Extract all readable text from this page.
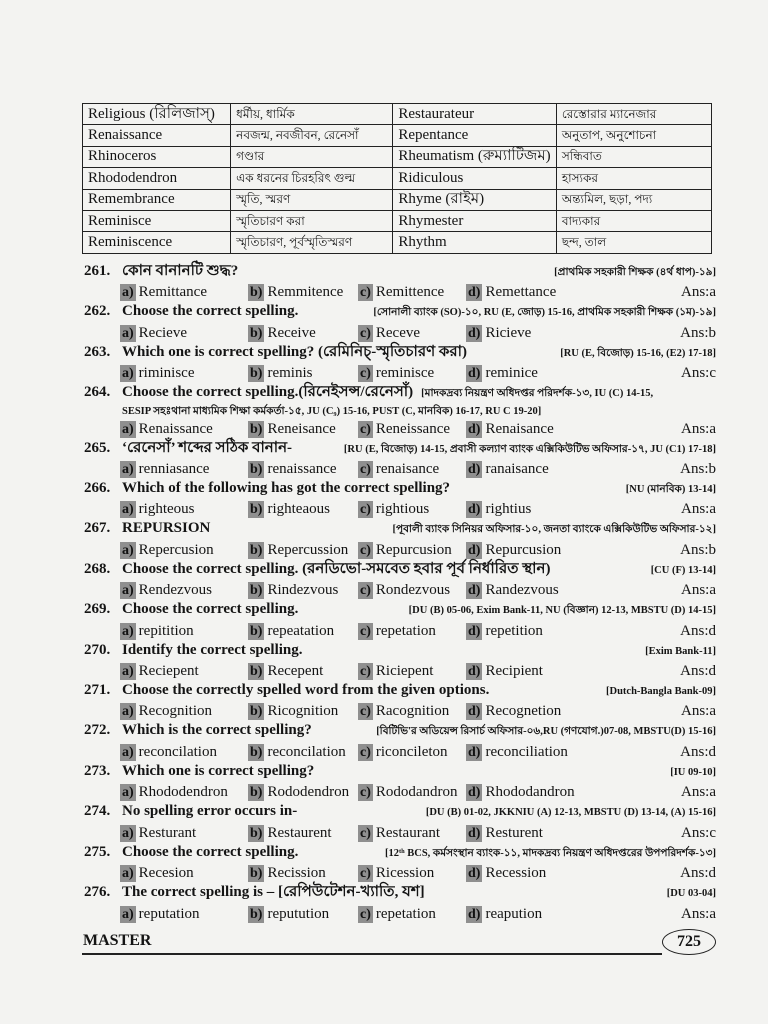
Religious (রিলিজাস্)	ধর্মীয়, ধার্মিক	Restaurateur	রেস্তোরার ম্যানেজার
Renaissance	নবজন্ম, নবজীবন, রেনেসাঁ	Repentance	অনুতাপ, অনুশোচনা
Rhinoceros	গণ্ডার	Rheumatism (রুম্যাটিজম)	সন্ধিবাত
Rhododendron	এক ধরনের চিরহরিৎ গুল্ম	Ridiculous	হাস্যকর
Remembrance	স্মৃতি, স্মরণ	Rhyme (রাইম)	অন্ত্যমিল, ছড়া, পদ্য
Reminisce	স্মৃতিচারণ করা	Rhymester	বাদ্যকার
Reminiscence	স্মৃতিচারণ, পূর্বস্মৃতিস্মরণ	Rhythm	ছন্দ, তাল
261. কোন বানানটি শুদ্ধ?	[প্রাথমিক সহকারী শিক্ষক (৪র্থ ধাপ)-১৯]
a) Remittance	b) Remmitence c) Remittence d) Remettance	Ans:a
262. Choose the correct spelling.	[সোনালী ব্যাংক (SO)-১০, RU (E, জোড়) 15-16, প্রাথমিক সহকারী শিক্ষক (১ম)-১৯]
a) Recieve	b) Receive	c) Receve	d) Ricieve	Ans:b
263. Which one is correct spelling? (রেমিনিচ্-স্মৃতিচারণ করা)	[RU (E, বিজোড়) 15-16, (E2) 17-18]
a) riminisce	b) reminis	c) reminisce d) reminice	Ans:c
264. Choose the correct spelling.(রিনেইসন্স/রেনেসাঁ) [মাদকদ্রব্য নিয়ন্ত্রণ অধিদপ্তর পরিদর্শক-১৩, IU (C) 14-15,
SESIP সহঃথানা মাধ্যমিক শিক্ষা কর্মকর্তা-১৫, JU (C₉) 15-16, PUST (C, মানবিক) 16-17, RU C 19-20]
a) Renaissance	b) Reneisance c) Reneissance d) Renaisance	Ans:a
265. ‘রেনেসাঁ’ শব্দের সঠিক বানান-	[RU (E, বিজোড়) 14-15, প্রবাসী কল্যাণ ব্যাংক এক্সিকিউটিভ অফিসার-১৭, JU (C1) 17-18]
a) renniasance	b) renaissance c) renaisance d) ranaisance	Ans:b
266. Which of the following has got the correct spelling?	[NU (মানবিক) 13-14]
a) righteous	b) righteaous c) rightious	d) rightius	Ans:a
267. REPURSION	[পূবালী ব্যাংক সিনিয়র অফিসার-১০, জনতা ব্যাংকে এক্সিকিউটিভ অফিসার-১২]
a) Repercusion	b) Repercussion c) Repurcusion d) Repurcusion	Ans:b
268. Choose the correct spelling. (রনডিভো-সমবেত হবার পূর্ব নির্ধারিত স্থান)	[CU (F) 13-14]
a) Rendezvous	b) Rindezvous c) Rondezvous d) Randezvous	Ans:a
269. Choose the correct spelling.	[DU (B) 05-06, Exim Bank-11, NU (বিজ্ঞান) 12-13, MBSTU (D) 14-15]
a) repitition	b) repeatation c) repetation d) repetition	Ans:d
270. Identify the correct spelling.	[Exim Bank-11]
a) Reciepent	b) Recepent	c) Riciepent d) Recipient	Ans:d
271. Choose the correctly spelled word from the given options.	[Dutch-Bangla Bank-09]
a) Recognition	b) Ricognition c) Racognition d) Recognetion	Ans:a
272. Which is the correct spelling?	[বিটিভি'র অডিয়েন্স রিসার্চ অফিসার-০৬,RU (গণযোগ.)07-08, MBSTU(D) 15-16]
a) reconcilation b) reconcilation c) riconcileton d) reconciliation	Ans:d
273. Which one is correct spelling?	[IU 09-10]
a) Rhododendron b) Rododendron c) Rododandron d) Rhododandron	Ans:a
274. No spelling error occurs in-	[DU (B) 01-02, JKKNIU (A) 12-13, MBSTU (D) 13-14, (A) 15-16]
a) Resturant	b) Restaurent c) Restaurant d) Resturent	Ans:c
275. Choose the correct spelling.	[12ᵗʰ BCS, কর্মসংস্থান ব্যাংক-১১, মাদকদ্রব্য নিয়ন্ত্রণ অধিদপ্তরের উপপরিদর্শক-১৩]
a) Recesion	b) Recission c) Ricession d) Recession	Ans:d
276. The correct spelling is – [রেপিউটেশন-খ্যাতি, যশ]	[DU 03-04]
a) reputation	b) reputution c) repetation d) reapution	Ans:a
MASTER	725
